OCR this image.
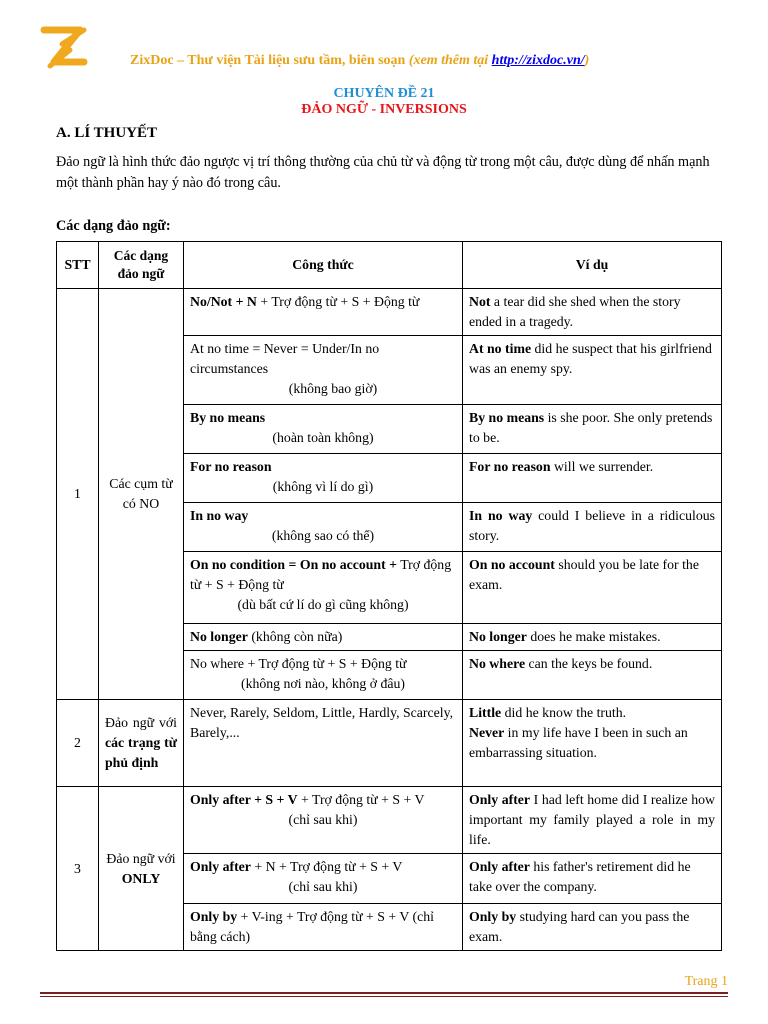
ZixDoc – Thư viện Tài liệu sưu tầm, biên soạn (xem thêm tại http://zixdoc.vn/)
CHUYÊN ĐỀ 21
ĐẢO NGỮ - INVERSIONS
A. LÍ THUYẾT
Đảo ngữ là hình thức đảo ngược vị trí thông thường của chủ từ và động từ trong một câu, được dùng để nhấn mạnh một thành phần hay ý nào đó trong câu.
Các dạng đảo ngữ:
STT	Các dạng đảo ngữ	Công thức	Ví dụ
1	Các cụm từ có NO	No/Not + N + Trợ động từ + S + Động từ	Not a tear did she shed when the story ended in a tragedy.
		At no time = Never = Under/In no circumstances
(không bao giờ)	At no time did he suspect that his girlfriend was an enemy spy.
		By no means
(hoàn toàn không)	By no means is she poor. She only pretends to be.
		For no reason
(không vì lí do gì)	For no reason will we surrender.
		In no way
(không sao có thể)	In no way could I believe in a ridiculous story.
		On no condition = On no account + Trợ động từ + S + Động từ
(dù bất cứ lí do gì cũng không)	On no account should you be late for the exam.
		No longer (không còn nữa)	No longer does he make mistakes.
		No where + Trợ động từ + S + Động từ
(không nơi nào, không ở đâu)	No where can the keys be found.
2	Đảo ngữ với các trạng từ phủ định	Never, Rarely, Seldom, Little, Hardly, Scarcely, Barely,...	Little did he know the truth.
Never in my life have I been in such an embarrassing situation.
3	Đảo ngữ với ONLY	Only after + S + V + Trợ động từ + S + V
(chỉ sau khi)	Only after I had left home did I realize how important my family played a role in my life.
		Only after + N + Trợ động từ + S + V
(chỉ sau khi)	Only after his father's retirement did he take over the company.
		Only by + V-ing + Trợ động từ + S + V (chỉ bằng cách)	Only by studying hard can you pass the exam.
Trang 1
